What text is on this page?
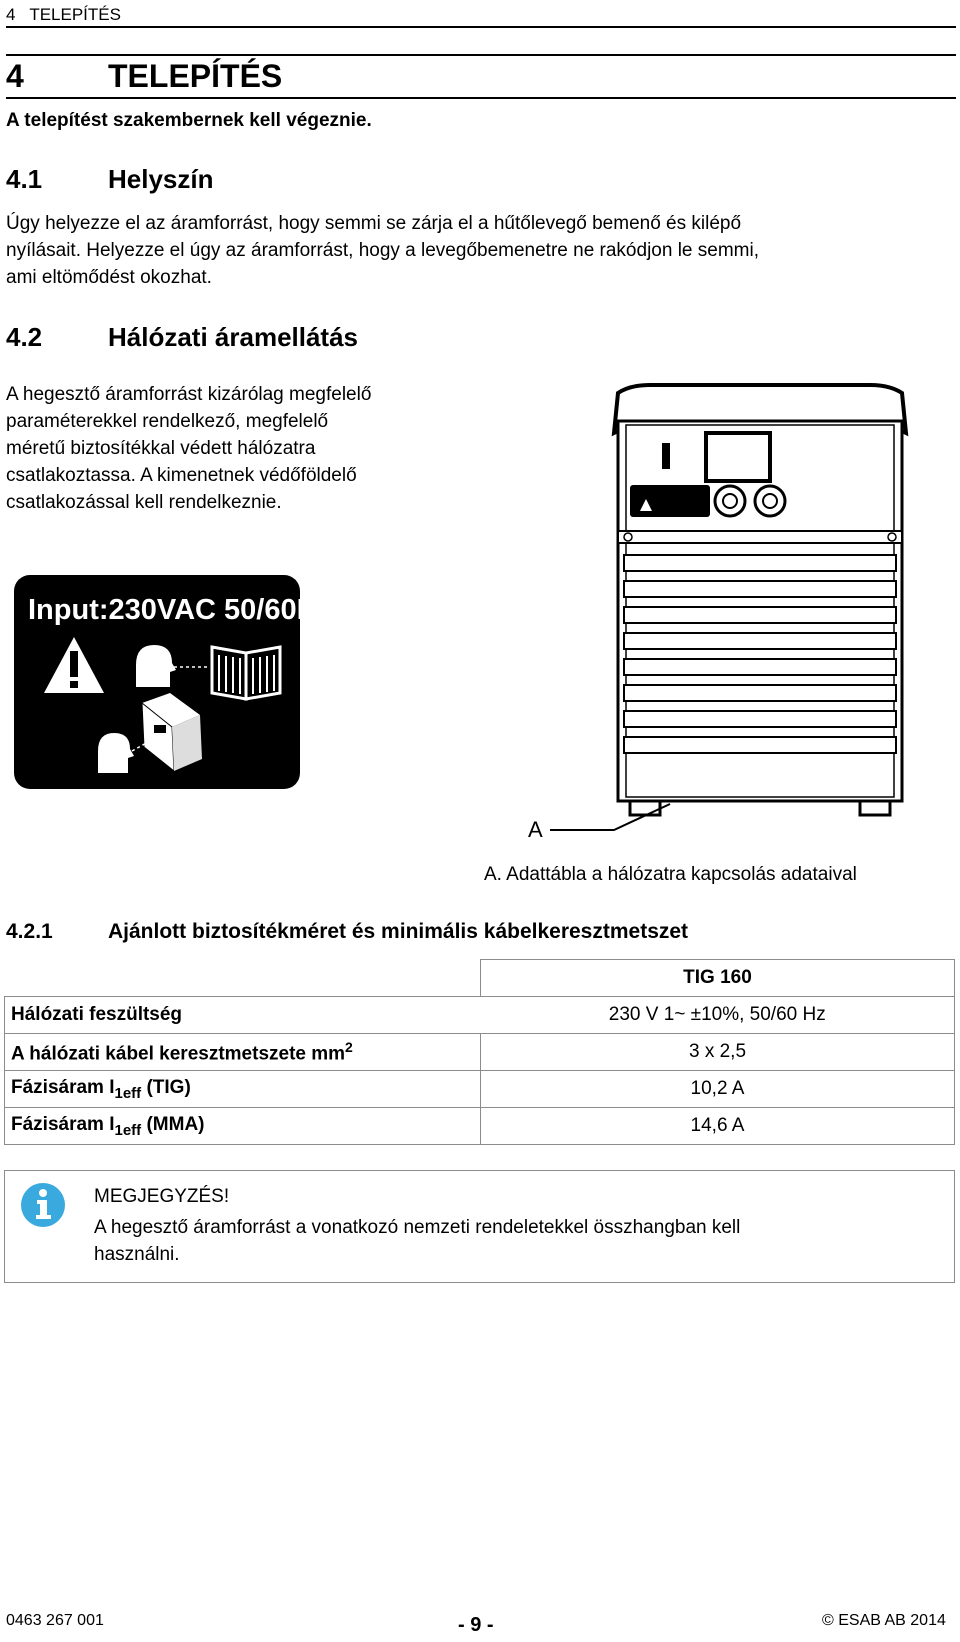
4   TELEPÍTÉS
4	TELEPÍTÉS
A telepítést szakembernek kell végeznie.
4.1	Helyszín
Úgy helyezze el az áramforrást, hogy semmi se zárja el a hűtőlevegő bemenő és kilépő
nyílásait. Helyezze el úgy az áramforrást, hogy a levegőbemenetre ne rakódjon le semmi,
ami eltömődést okozhat.
4.2	Hálózati áramellátás
A hegesztő áramforrást kizárólag megfelelő
paraméterekkel rendelkező, megfelelő
méretű biztosítékkal védett hálózatra
csatlakoztassa. A kimenetnek védőföldelő
csatlakozással kell rendelkeznie.
Input:230VAC 50/60Hz
A
A. Adattábla a hálózatra kapcsolás adataival
4.2.1	Ajánlott biztosítékméret és minimális kábelkeresztmetszet
	TIG 160
Hálózati feszültség	230 V 1~ ±10%, 50/60 Hz
A hálózati kábel keresztmetszete $mm^2$	3 x 2,5
Fázisáram $I_{1eff}$ (TIG)	10,2 A
Fázisáram $I_{1eff}$ (MMA)	14,6 A
MEGJEGYZÉS!
A hegesztő áramforrást a vonatkozó nemzeti rendeletekkel összhangban kell
használni.
0463 267 001	- 9 -	© ESAB AB 2014
